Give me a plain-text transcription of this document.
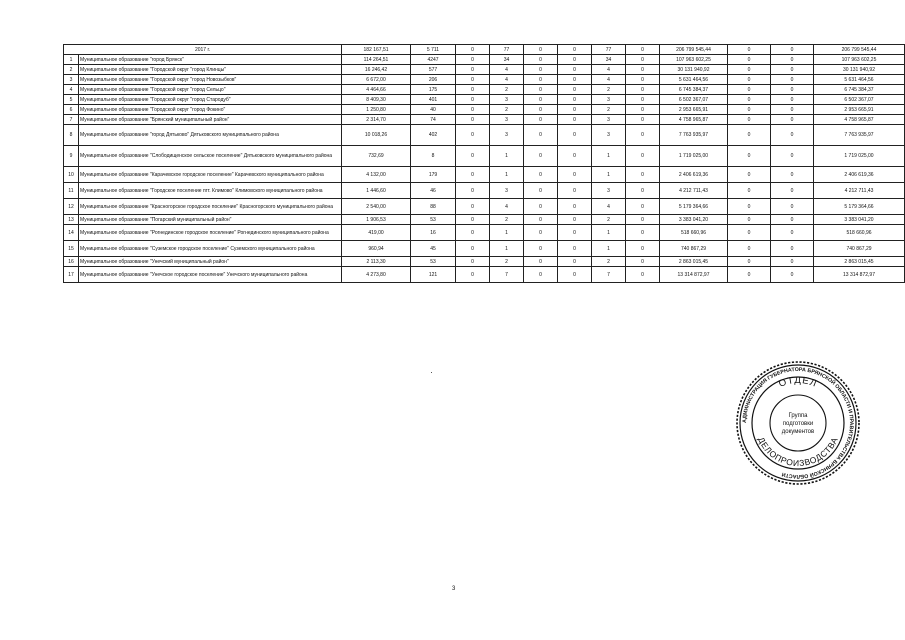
2017 г.		182 167,51	5 711	0	77	0	0	77	0	206 799 545,44	0	0	206 799 545,44
1	Муниципальное образование "город Брянск"	114 264,51	4247	0	34	0	0	34	0	107 963 602,25	0	0	107 963 602,25
2	Муниципальное образование "Городской округ "город Клинцы"	16 246,42	577	0	4	0	0	4	0	30 131 940,92	0	0	30 131 940,92
3	Муниципальное образование "Городской округ "город Новозыбков"	6 672,00	206	0	4	0	0	4	0	5 631 464,56	0	0	5 631 464,56
4	Муниципальное образование "Городской округ "город Сельцо"	4 464,66	175	0	2	0	0	2	0	6 745 384,37	0	0	6 745 384,37
5	Муниципальное образование "Городской округ "город Стародуб"	8 409,30	401	0	3	0	0	3	0	6 502 367,07	0	0	6 502 367,07
6	Муниципальное образование "Городской округ "город Фокино"	1 250,80	40	0	2	0	0	2	0	2 953 665,91	0	0	2 953 665,91
7	Муниципальное образование "Брянский муниципальный район"	2 314,70	74	0	3	0	0	3	0	4 758 965,87	0	0	4 758 965,87
8	Муниципальное образование "город Дятьково" Дятьковского муниципального района	10 018,26	402	0	3	0	0	3	0	7 763 935,97	0	0	7 763 935,97
9	Муниципальное образование "Слободищенское сельское поселение" Дятьковского муниципального района	732,69	8	0	1	0	0	1	0	1 719 025,00	0	0	1 719 025,00
10	Муниципальное образование "Карачевское городское поселение" Карачевского муниципального района	4 132,00	179	0	1	0	0	1	0	2 406 619,36	0	0	2 406 619,36
11	Муниципальное образование "Городское поселение пгт. Климово" Климовского муниципального района	1 446,60	46	0	3	0	0	3	0	4 212 711,43	0	0	4 212 711,43
12	Муниципальное образование "Красногорское городское поселение" Красногорского муниципального района	2 540,00	88	0	4	0	0	4	0	5 179 364,66	0	0	5 179 364,66
13	Муниципальное образование "Погарский муниципальный район"	1 906,53	53	0	2	0	0	2	0	3 383 041,20	0	0	3 383 041,20
14	Муниципальное образование "Рогнединское городское поселение" Рогнединского муниципального района	419,00	16	0	1	0	0	1	0	518 660,96	0	0	518 660,96
15	Муниципальное образование "Суземское городское поселение" Суземского муниципального района	960,94	45	0	1	0	0	1	0	740 867,29	0	0	740 867,29
16	Муниципальное образование "Унечский муниципальный район"	2 113,30	53	0	2	0	0	2	0	2 863 015,45	0	0	2 863 015,45
17	Муниципальное образование "Унечское городское поселение" Унечского муниципального района	4 273,80	121	0	7	0	0	7	0	13 314 872,97	0	0	13 314 872,97
АДМИНИСТРАЦИЯ ГУБЕРНАТОРА БРЯНСКОЙ ОБЛАСТИ И ПРАВИТЕЛЬСТВА БРЯНСКОЙ ОБЛАСТИ
ОТДЕЛ
ДЕЛОПРОИЗВОДСТВА
Группа
подготовки
документов
3
